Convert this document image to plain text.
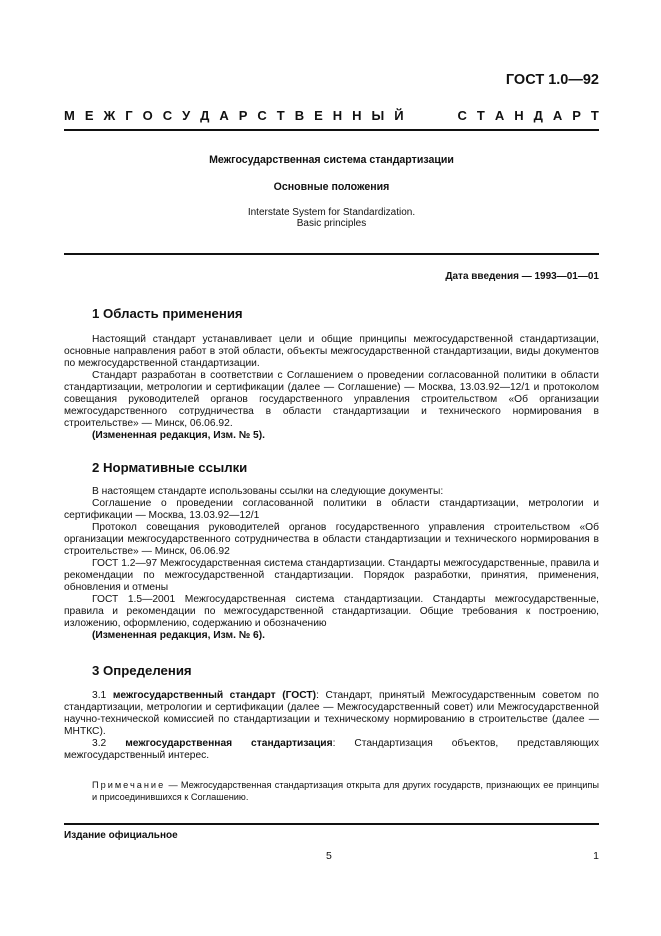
ГОСТ 1.0—92
М Е Ж Г О С У Д А Р С Т В Е Н Н Ы Й	С Т А Н Д А Р Т
Межгосударственная система стандартизации
Основные положения
Interstate System for Standardization.
Basic principles
Дата введения — 1993—01—01
1 Область применения

Настоящий стандарт устанавливает цели и общие принципы межгосударственной стандартизации, основные направления работ в этой области, объекты межгосударственной стандартизации, виды документов по межгосударственной стандартизации.

Стандарт разработан в соответствии с Соглашением о проведении согласованной политики в области стандартизации, метрологии и сертификации (далее — Соглашение) — Москва, 13.03.92—12/1 и протоколом совещания руководителей органов государственного управления строительством «Об организации межгосударственного сотрудничества в области стандартизации и технического нормирования в строительстве» — Минск, 06.06.92.

(Измененная редакция, Изм. № 5).

2 Нормативные ссылки

В настоящем стандарте использованы ссылки на следующие документы:

Соглашение о проведении согласованной политики в области стандартизации, метрологии и сертификации — Москва, 13.03.92—12/1

Протокол совещания руководителей органов государственного управления строительством «Об организации межгосударственного сотрудничества в области стандартизации и технического нормирования в строительстве» — Минск, 06.06.92

ГОСТ 1.2—97 Межгосударственная система стандартизации. Стандарты межгосударственные, правила и рекомендации по межгосударственной стандартизации. Порядок разработки, принятия, применения, обновления и отмены

ГОСТ 1.5—2001 Межгосударственная система стандартизации. Стандарты межгосударственные, правила и рекомендации по межгосударственной стандартизации. Общие требования к построению, изложению, оформлению, содержанию и обозначению

(Измененная редакция, Изм. № 6).

3 Определения

3.1 межгосударственный стандарт (ГОСТ): Стандарт, принятый Межгосударственным советом по стандартизации, метрологии и сертификации (далее — Межгосударственный совет) или Межгосударственной научно-технической комиссией по стандартизации и техническому нормированию в строительстве (далее — МНТКС).

3.2 межгосударственная стандартизация: Стандартизация объектов, представляющих межгосударственный интерес.

Примечание — Межгосударственная стандартизация открыта для других государств, признающих ее принципы и присоединившихся к Соглашению.
Издание официальное
5	1
